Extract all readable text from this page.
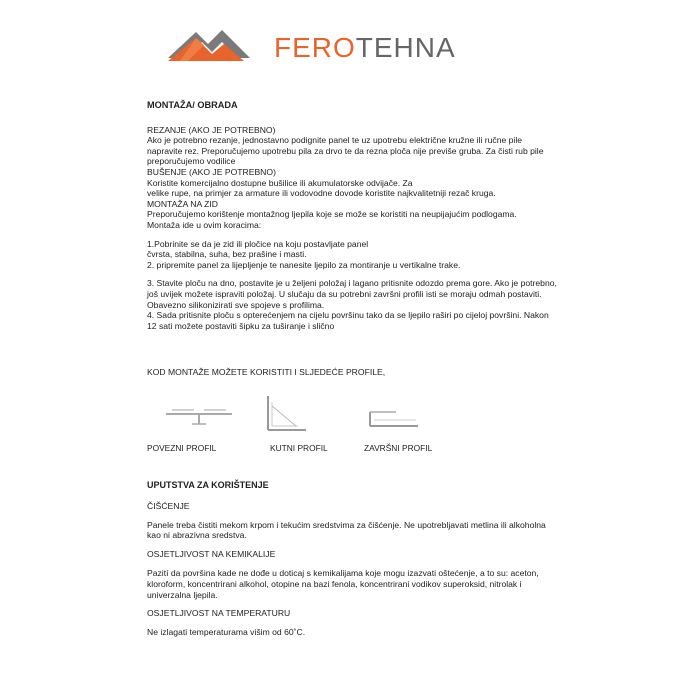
FEROTEHNA
MONTAŽA/ OBRADA
REZANJE (AKO JE POTREBNO)
Ako je potrebno rezanje, jednostavno podignite panel te uz upotrebu električne kružne ili ručne pile napravite rez. Preporučujemo upotrebu pila za drvo te da rezna ploča nije previše gruba. Za čisti rub pile preporučujemo vodilice
BUŠENJE (AKO JE POTREBNO)
Koristite komercijalno dostupne bušilice ili akumulatorske odvijače. Za
velike rupe, na primjer za armature ili vodovodne dovode koristite najkvalitetniji rezač kruga.
MONTAŽA NA ZID
Preporučujemo korištenje montažnog ljepila koje se može se koristiti na neupijajućim podlogama.
Montaža ide u ovim koracima:
1.Pobrinite se da je zid ili pločice na koju postavljate panel
čvrsta, stabilna, suha, bez prašine i masti.
2. pripremite panel za lijepljenje te nanesite ljepilo za montiranje u vertikalne trake.
3. Stavite ploču na dno, postavite je u željeni položaj i lagano pritisnite odozdo prema gore. Ako je potrebno, još uvijek možete ispraviti položaj. U slučaju da su potrebni završni profili isti se moraju odmah postaviti. Obavezno silikonizirati sve spojeve s profilima.
4. Sada pritisnite ploču s opterećenjem na cijelu površinu tako da se ljepilo raširi po cijeloj površini. Nakon 12 sati možete postaviti šipku za tuširanje i slično
KOD MONTAŽE MOŽETE KORISTITI I SLJEDEĆE PROFILE,
POVEZNI PROFIL	KUTNI PROFIL	ZAVRŠNI PROFIL
UPUTSTVA ZA KORIŠTENJE
ČIŠĆENJE
Panele treba čistiti mekom krpom i tekućim sredstvima za čišćenje. Ne upotrebljavati metlina ili alkoholna kao ni abrazivna sredstva.
OSJETLJIVOST NA KEMIKALIJE
Pazití da površina kade ne dođe u doticaj s kemikalijama koje mogu izazvati oštećenje, a to su: aceton, kloroform, koncentrirani alkohol, otopine na bazi fenola, koncentrirani vodikov superoksid, nitrolak i univerzalna ljepila.
OSJETLJIVOST NA TEMPERATURU
Ne izlagati temperaturama višim od 60˚C.
